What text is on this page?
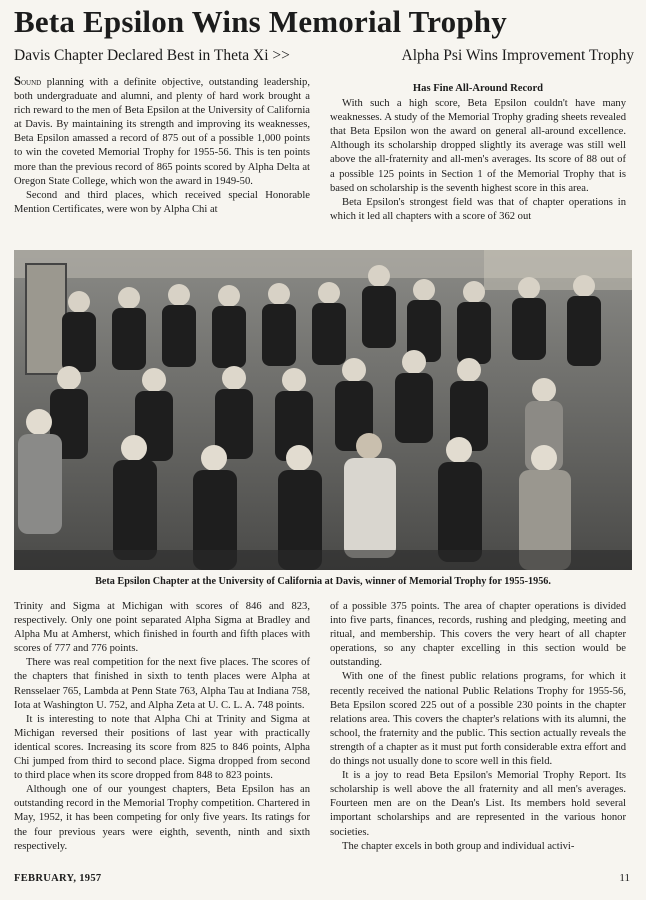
Beta Epsilon Wins Memorial Trophy
Davis Chapter Declared Best in Theta Xi >>	Alpha Psi Wins Improvement Trophy

Sound planning with a definite objective, outstanding leadership, both undergraduate and alumni, and plenty of hard work brought a rich reward to the men of Beta Epsilon at the University of California at Davis. By maintaining its strength and improving its weaknesses, Beta Epsilon amassed a record of 875 out of a possible 1,000 points to win the coveted Memorial Trophy for 1955-56. This is ten points more than the previous record of 865 points scored by Alpha Delta at Oregon State College, which won the award in 1949-50.

Second and third places, which received special Honorable Mention Certificates, were won by Alpha Chi at

Has Fine All-Around Record

With such a high score, Beta Epsilon couldn't have many weaknesses. A study of the Memorial Trophy grading sheets revealed that Beta Epsilon won the award on general all-around excellence. Although its scholarship dropped slightly its average was still well above the all-fraternity and all-men's averages. Its score of 88 out of a possible 125 points in Section 1 of the Memorial Trophy that is based on scholarship is the seventh highest score in this area.

Beta Epsilon's strongest field was that of chapter operations in which it led all chapters with a score of 362 out

Beta Epsilon Chapter at the University of California at Davis, winner of Memorial Trophy for 1955-1956.

Trinity and Sigma at Michigan with scores of 846 and 823, respectively. Only one point separated Alpha Sigma at Bradley and Alpha Mu at Amherst, which finished in fourth and fifth places with scores of 777 and 776 points.

There was real competition for the next five places. The scores of the chapters that finished in sixth to tenth places were Alpha at Rensselaer 765, Lambda at Penn State 763, Alpha Tau at Indiana 758, Iota at Washington U. 752, and Alpha Zeta at U. C. L. A. 748 points.

It is interesting to note that Alpha Chi at Trinity and Sigma at Michigan reversed their positions of last year with practically identical scores. Increasing its score from 825 to 846 points, Alpha Chi jumped from third to second place. Sigma dropped from second to third place when its score dropped from 848 to 823 points.

Although one of our youngest chapters, Beta Epsilon has an outstanding record in the Memorial Trophy competition. Chartered in May, 1952, it has been competing for only five years. Its ratings for the four previous years were eighth, seventh, ninth and sixth respectively.

of a possible 375 points. The area of chapter operations is divided into five parts, finances, records, rushing and pledging, meeting and ritual, and membership. This covers the very heart of all chapter operations, so any chapter excelling in this section would be outstanding.

With one of the finest public relations programs, for which it recently received the national Public Relations Trophy for 1955-56, Beta Epsilon scored 225 out of a possible 230 points in the chapter relations area. This covers the chapter's relations with its alumni, the school, the fraternity and the public. This section actually reveals the strength of a chapter as it must put forth considerable extra effort and do things not usually done to score well in this field.

It is a joy to read Beta Epsilon's Memorial Trophy Report. Its scholarship is well above the all fraternity and all men's averages. Fourteen men are on the Dean's List. Its members hold several important scholarships and are represented in the various honor societies.

The chapter excels in both group and individual activi-

FEBRUARY, 1957	11
